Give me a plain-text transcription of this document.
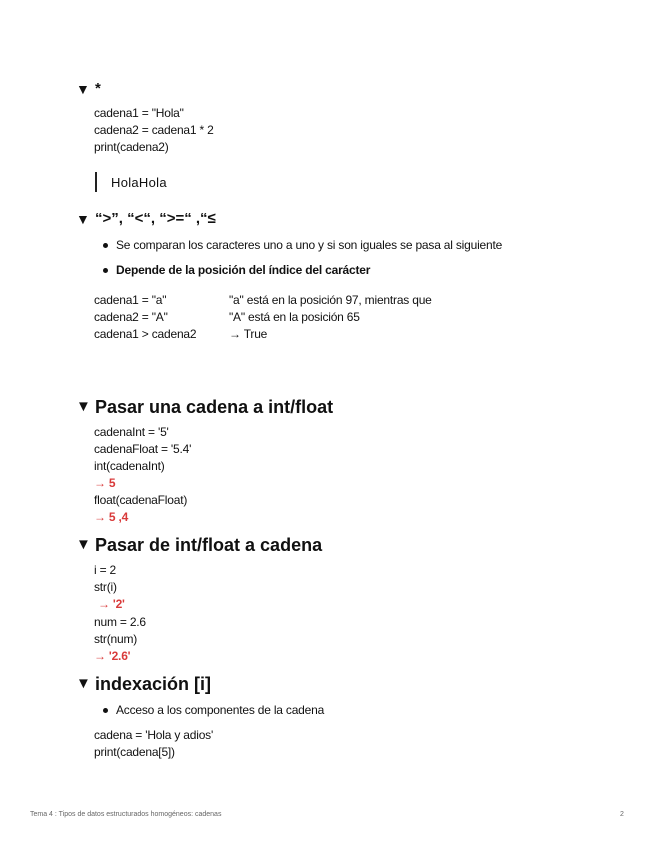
▼ *
cadena1 = "Hola"
cadena2 = cadena1 * 2
print(cadena2)
HolaHola
▼ “>”, “<“, “>=“ ,“≤
Se comparan los caracteres uno a uno y si son iguales se pasa al siguiente
Depende de la posición del índice del carácter
cadena1 = "a"	"a" está en la posición 97, mientras que
cadena2 = "A"	"A" está en la posición 65
cadena1 > cadena2	→ True
▼ Pasar una cadena a int/float
cadenaInt = '5'
cadenaFloat = '5.4'
int(cadenaInt)
→ 5
float(cadenaFloat)
→ 5 ,4
▼ Pasar de int/float a cadena
i = 2
str(i)
→ '2'
num = 2.6
str(num)
→ '2.6'
▼ indexación [i]
Acceso a los componentes de la cadena
cadena = 'Hola y adios'
print(cadena[5])
Tema 4 : Tipos de datos estructurados homogéneos: cadenas	2
